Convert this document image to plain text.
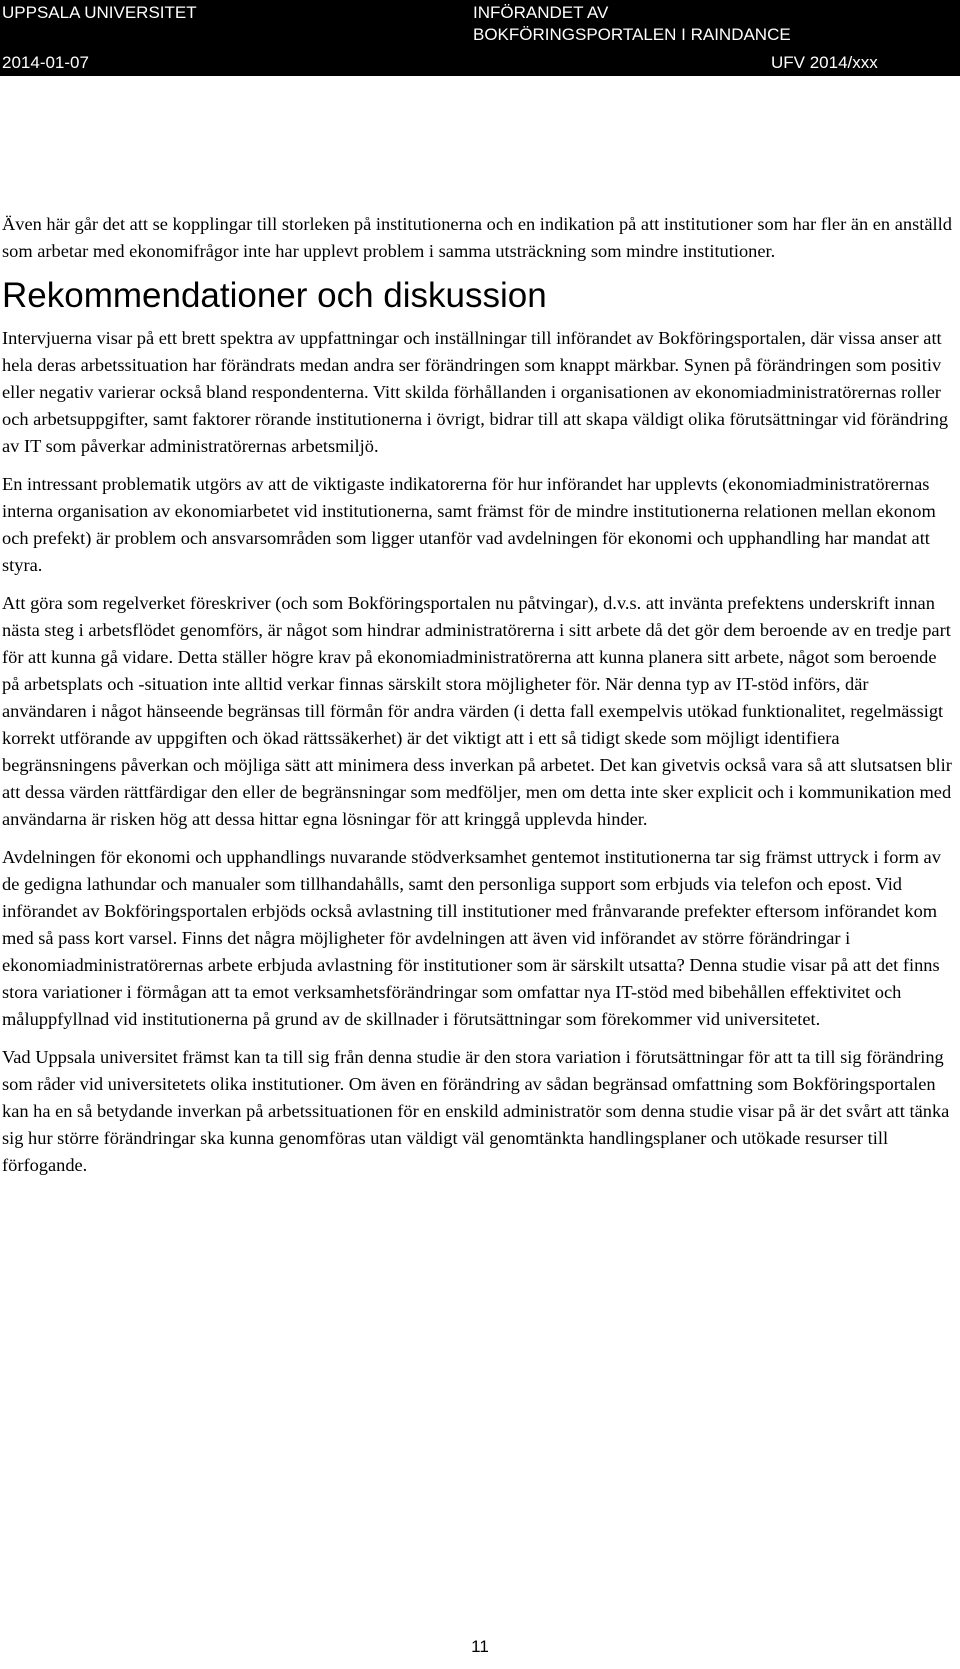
UPPSALA UNIVERSITET	INFÖRANDET AV BOKFÖRINGSPORTALEN I RAINDANCE
2014-01-07	UFV 2014/xxx

Även här går det att se kopplingar till storleken på institutionerna och en indikation på att institutioner som har fler än en anställd som arbetar med ekonomifrågor inte har upplevt problem i samma utsträckning som mindre institutioner.

Rekommendationer och diskussion

Intervjuerna visar på ett brett spektra av uppfattningar och inställningar till införandet av Bokföringsportalen, där vissa anser att hela deras arbetssituation har förändrats medan andra ser förändringen som knappt märkbar. Synen på förändringen som positiv eller negativ varierar också bland respondenterna. Vitt skilda förhållanden i organisationen av ekonomiadministratörernas roller och arbetsuppgifter, samt faktorer rörande institutionerna i övrigt, bidrar till att skapa väldigt olika förutsättningar vid förändring av IT som påverkar administratörernas arbetsmiljö.

En intressant problematik utgörs av att de viktigaste indikatorerna för hur införandet har upplevts (ekonomiadministratörernas interna organisation av ekonomiarbetet vid institutionerna, samt främst för de mindre institutionerna relationen mellan ekonom och prefekt) är problem och ansvarsområden som ligger utanför vad avdelningen för ekonomi och upphandling har mandat att styra.

Att göra som regelverket föreskriver (och som Bokföringsportalen nu påtvingar), d.v.s. att invänta prefektens underskrift innan nästa steg i arbetsflödet genomförs, är något som hindrar administratörerna i sitt arbete då det gör dem beroende av en tredje part för att kunna gå vidare. Detta ställer högre krav på ekonomiadministratörerna att kunna planera sitt arbete, något som beroende på arbetsplats och -situation inte alltid verkar finnas särskilt stora möjligheter för. När denna typ av IT-stöd införs, där användaren i något hänseende begränsas till förmån för andra värden (i detta fall exempelvis utökad funktionalitet, regelmässigt korrekt utförande av uppgiften och ökad rättssäkerhet) är det viktigt att i ett så tidigt skede som möjligt identifiera begränsningens påverkan och möjliga sätt att minimera dess inverkan på arbetet. Det kan givetvis också vara så att slutsatsen blir att dessa värden rättfärdigar den eller de begränsningar som medföljer, men om detta inte sker explicit och i kommunikation med användarna är risken hög att dessa hittar egna lösningar för att kringgå upplevda hinder.

Avdelningen för ekonomi och upphandlings nuvarande stödverksamhet gentemot institutionerna tar sig främst uttryck i form av de gedigna lathundar och manualer som tillhandahålls, samt den personliga support som erbjuds via telefon och epost. Vid införandet av Bokföringsportalen erbjöds också avlastning till institutioner med frånvarande prefekter eftersom införandet kom med så pass kort varsel. Finns det några möjligheter för avdelningen att även vid införandet av större förändringar i ekonomiadministratörernas arbete erbjuda avlastning för institutioner som är särskilt utsatta? Denna studie visar på att det finns stora variationer i förmågan att ta emot verksamhetsförändringar som omfattar nya IT-stöd med bibehållen effektivitet och måluppfyllnad vid institutionerna på grund av de skillnader i förutsättningar som förekommer vid universitetet.

Vad Uppsala universitet främst kan ta till sig från denna studie är den stora variation i förutsättningar för att ta till sig förändring som råder vid universitetets olika institutioner. Om även en förändring av sådan begränsad omfattning som Bokföringsportalen kan ha en så betydande inverkan på arbetssituationen för en enskild administratör som denna studie visar på är det svårt att tänka sig hur större förändringar ska kunna genomföras utan väldigt väl genomtänkta handlingsplaner och utökade resurser till förfogande.

11
